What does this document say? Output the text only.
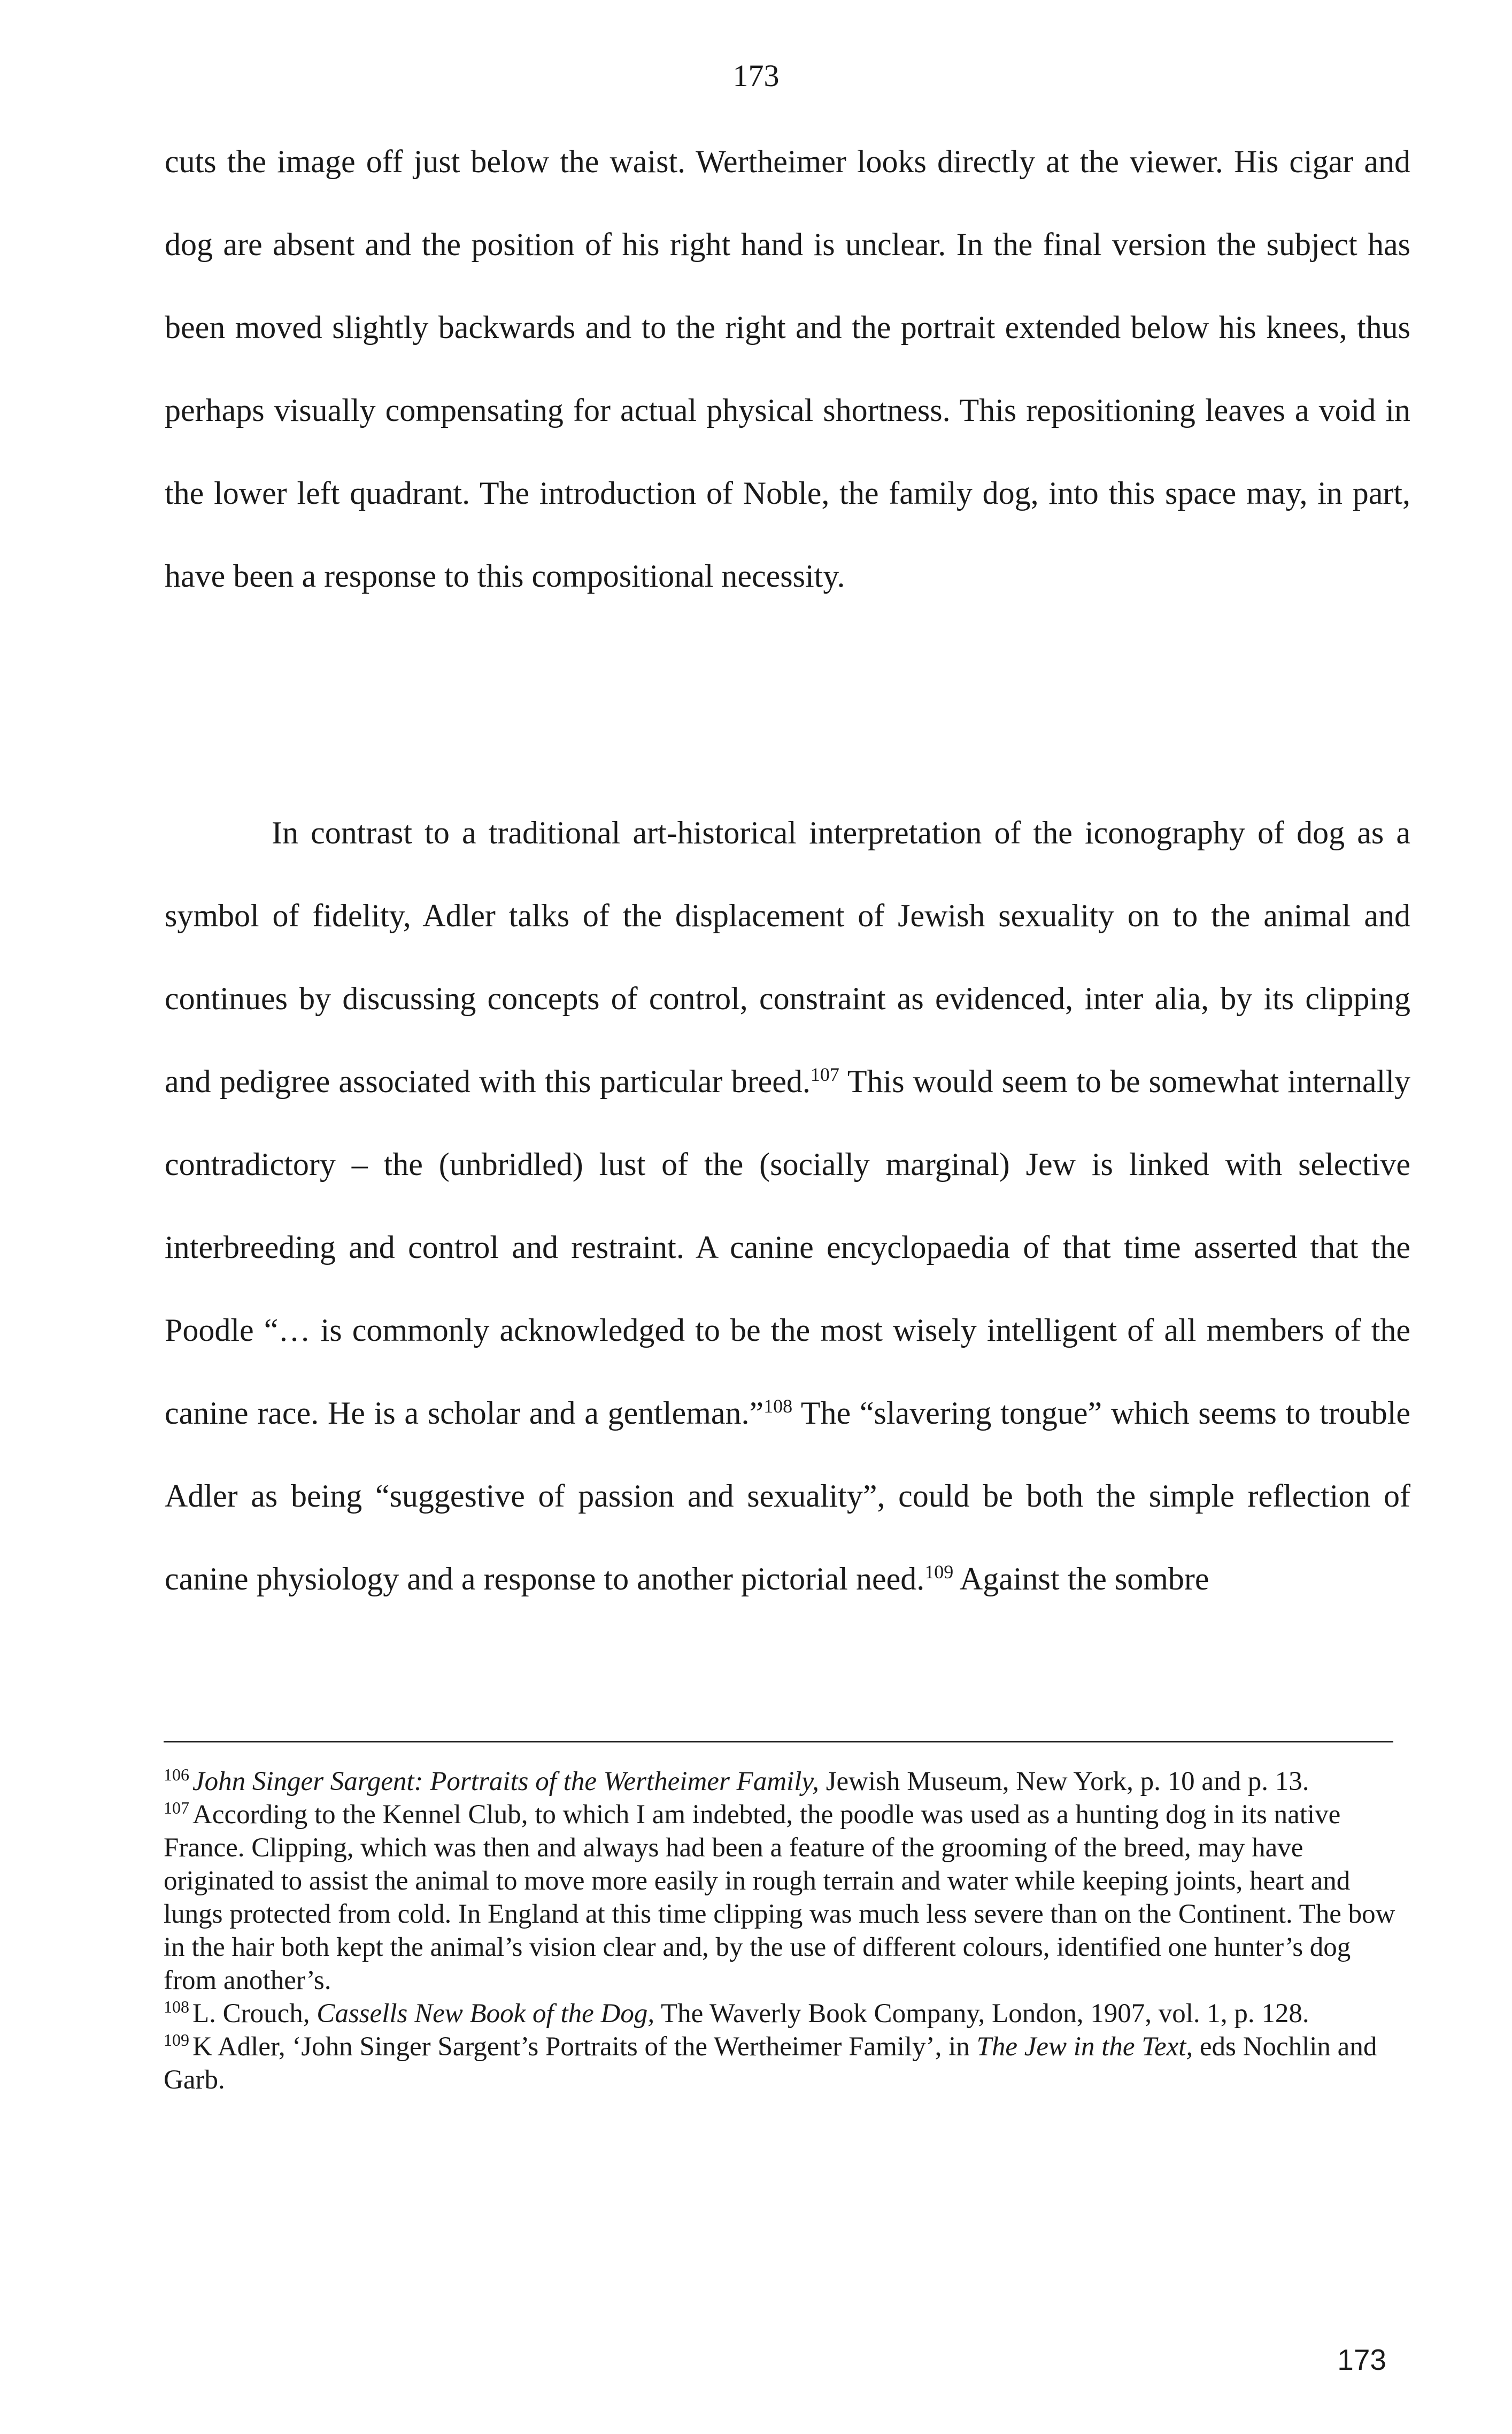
173

cuts the image off just below the waist. Wertheimer looks directly at the viewer. His cigar and dog are absent and the position of his right hand is unclear. In the final version the subject has been moved slightly backwards and to the right and the portrait extended below his knees, thus perhaps visually compensating for actual physical shortness. This repositioning leaves a void in the lower left quadrant. The introduction of Noble, the family dog, into this space may, in part, have been a response to this compositional necessity.

In contrast to a traditional art-historical interpretation of the iconography of dog as a symbol of fidelity, Adler talks of the displacement of Jewish sexuality on to the animal and continues by discussing concepts of control, constraint as evidenced, inter alia, by its clipping and pedigree associated with this particular breed.$^{107}$ This would seem to be somewhat internally contradictory – the (unbridled) lust of the (socially marginal) Jew is linked with selective interbreeding and control and restraint. A canine encyclopaedia of that time asserted that the Poodle “… is commonly acknowledged to be the most wisely intelligent of all members of the canine race. He is a scholar and a gentleman.”$^{108}$ The “slavering tongue” which seems to trouble Adler as being “suggestive of passion and sexuality”, could be both the simple reflection of canine physiology and a response to another pictorial need.$^{109}$ Against the sombre

$^{106}$ John Singer Sargent: Portraits of the Wertheimer Family, Jewish Museum, New York, p. 10 and p. 13.

$^{107}$ According to the Kennel Club, to which I am indebted, the poodle was used as a hunting dog in its native France. Clipping, which was then and always had been a feature of the grooming of the breed, may have originated to assist the animal to move more easily in rough terrain and water while keeping joints, heart and lungs protected from cold. In England at this time clipping was much less severe than on the Continent. The bow in the hair both kept the animal’s vision clear and, by the use of different colours, identified one hunter’s dog from another’s.

$^{108}$ L. Crouch, Cassells New Book of the Dog, The Waverly Book Company, London, 1907, vol. 1, p. 128.

$^{109}$ K Adler, ‘John Singer Sargent’s Portraits of the Wertheimer Family’, in The Jew in the Text, eds Nochlin and Garb.

173
